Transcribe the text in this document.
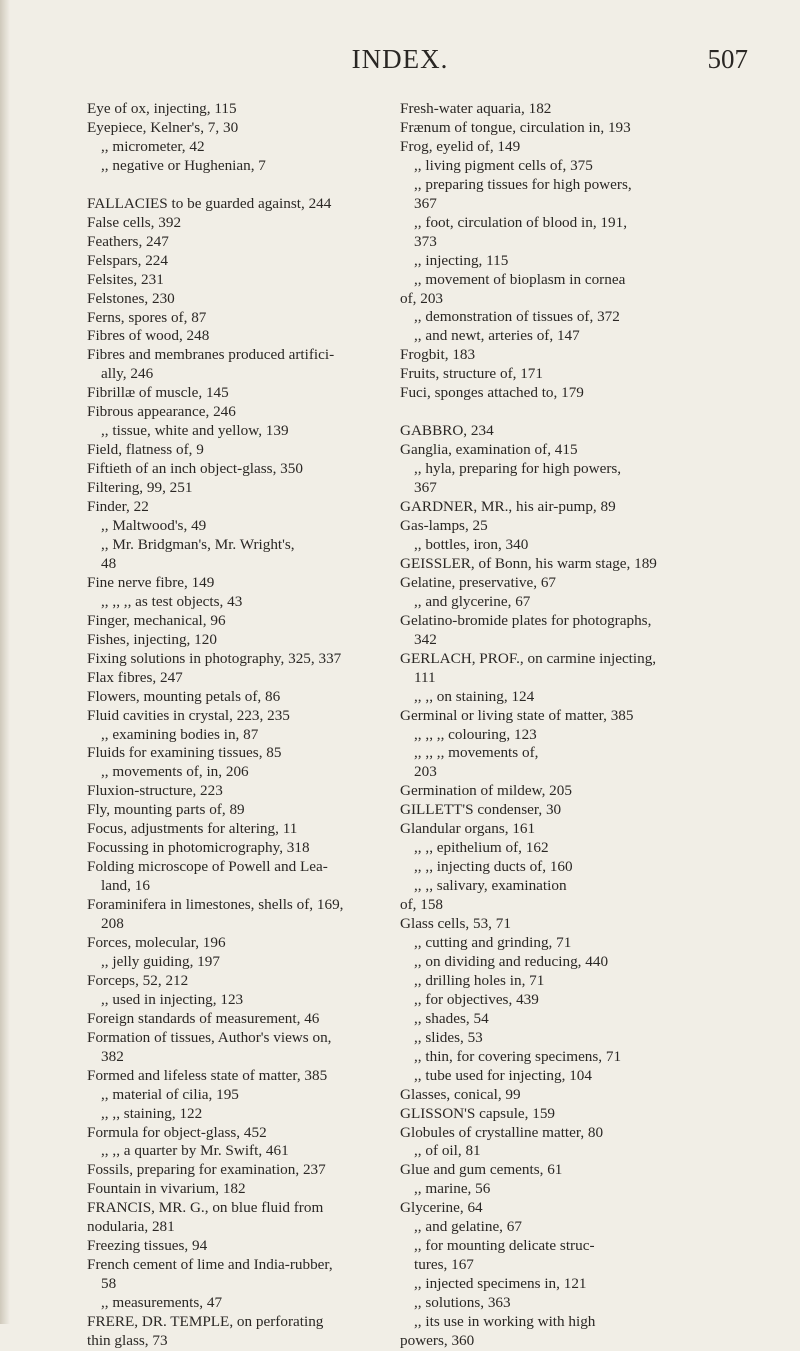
INDEX.	507
Eye of ox, injecting, 115
Eyepiece, Kelner's, 7, 30
,, micrometer, 42
,, negative or Hughenian, 7
FALLACIES to be guarded against, 244
False cells, 392
Feathers, 247
Felspars, 224
Felsites, 231
Felstones, 230
Ferns, spores of, 87
Fibres of wood, 248
Fibres and membranes produced artifici-
ally, 246
Fibrillæ of muscle, 145
Fibrous appearance, 246
,, tissue, white and yellow, 139
Field, flatness of, 9
Fiftieth of an inch object-glass, 350
Filtering, 99, 251
Finder, 22
,, Maltwood's, 49
,, Mr. Bridgman's, Mr. Wright's,
48
Fine nerve fibre, 149
,, ,, ,, as test objects, 43
Finger, mechanical, 96
Fishes, injecting, 120
Fixing solutions in photography, 325, 337
Flax fibres, 247
Flowers, mounting petals of, 86
Fluid cavities in crystal, 223, 235
,, examining bodies in, 87
Fluids for examining tissues, 85
,, movements of, in, 206
Fluxion-structure, 223
Fly, mounting parts of, 89
Focus, adjustments for altering, 11
Focussing in photomicrography, 318
Folding microscope of Powell and Lea-
land, 16
Foraminifera in limestones, shells of, 169,
208
Forces, molecular, 196
,, jelly guiding, 197
Forceps, 52, 212
,, used in injecting, 123
Foreign standards of measurement, 46
Formation of tissues, Author's views on,
382
Formed and lifeless state of matter, 385
,, material of cilia, 195
,, ,, staining, 122
Formula for object-glass, 452
,, ,, a quarter by Mr. Swift, 461
Fossils, preparing for examination, 237
Fountain in vivarium, 182
FRANCIS, MR. G., on blue fluid from
nodularia, 281
Freezing tissues, 94
French cement of lime and India-rubber,
58
,, measurements, 47
FRERE, DR. TEMPLE, on perforating
thin glass, 73
Fresh-water aquaria, 182
Frænum of tongue, circulation in, 193
Frog, eyelid of, 149
,, living pigment cells of, 375
,, preparing tissues for high powers,
367
,, foot, circulation of blood in, 191,
373
,, injecting, 115
,, movement of bioplasm in cornea
of, 203
,, demonstration of tissues of, 372
,, and newt, arteries of, 147
Frogbit, 183
Fruits, structure of, 171
Fuci, sponges attached to, 179
GABBRO, 234
Ganglia, examination of, 415
,, hyla, preparing for high powers,
367
GARDNER, MR., his air-pump, 89
Gas-lamps, 25
,, bottles, iron, 340
GEISSLER, of Bonn, his warm stage, 189
Gelatine, preservative, 67
,, and glycerine, 67
Gelatino-bromide plates for photographs,
342
GERLACH, PROF., on carmine injecting,
111
,, ,, on staining, 124
Germinal or living state of matter, 385
,, ,, ,, colouring, 123
,, ,, ,, movements of,
203
Germination of mildew, 205
GILLETT'S condenser, 30
Glandular organs, 161
,, ,, epithelium of, 162
,, ,, injecting ducts of, 160
,, ,, salivary, examination
of, 158
Glass cells, 53, 71
,, cutting and grinding, 71
,, on dividing and reducing, 440
,, drilling holes in, 71
,, for objectives, 439
,, shades, 54
,, slides, 53
,, thin, for covering specimens, 71
,, tube used for injecting, 104
Glasses, conical, 99
GLISSON'S capsule, 159
Globules of crystalline matter, 80
,, of oil, 81
Glue and gum cements, 61
,, marine, 56
Glycerine, 64
,, and gelatine, 67
,, for mounting delicate struc-
tures, 167
,, injected specimens in, 121
,, solutions, 363
,, its use in working with high
powers, 360
